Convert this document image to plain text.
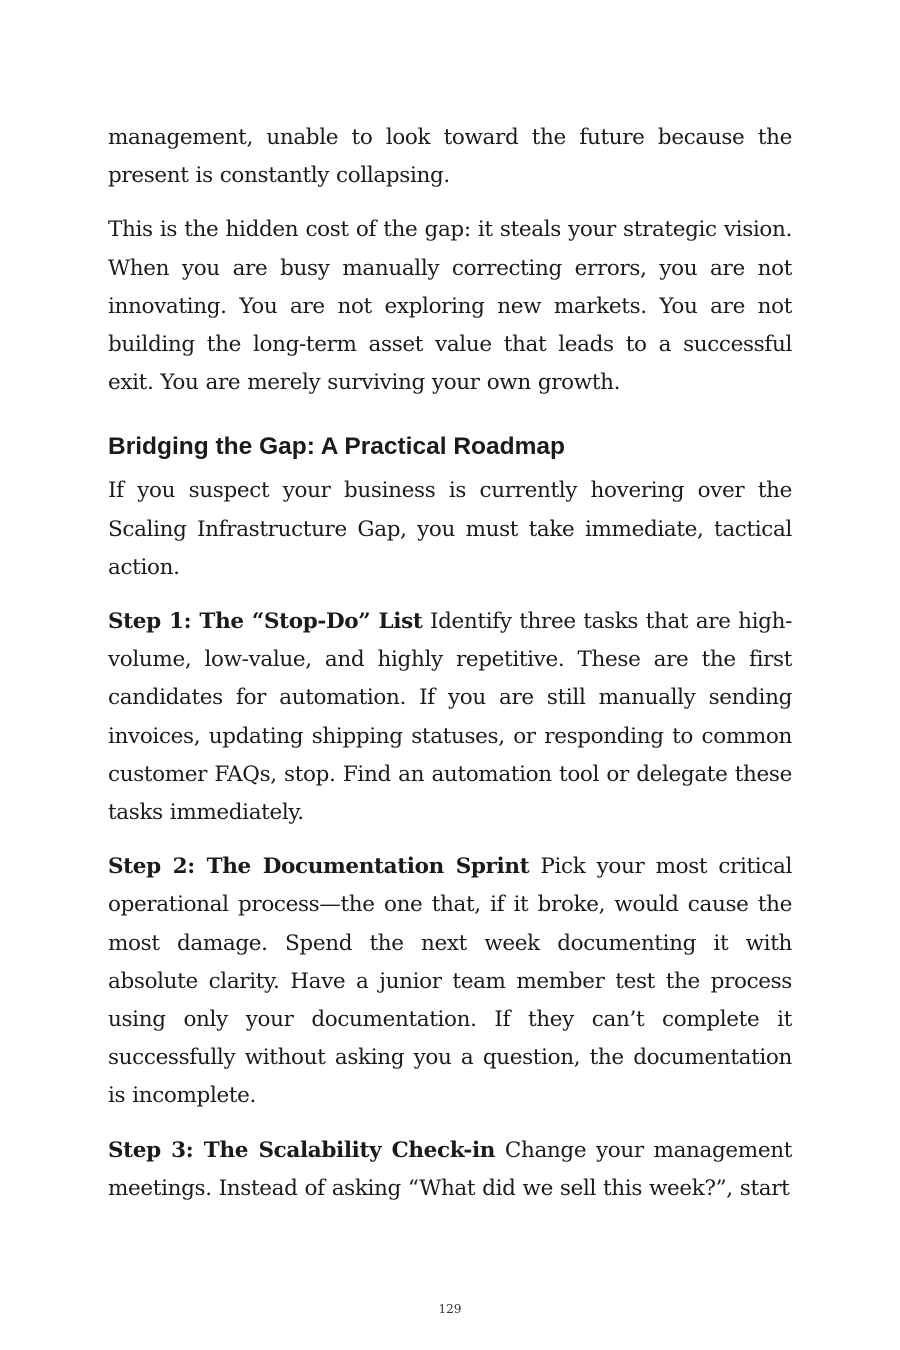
management, unable to look toward the future because the present is constantly collapsing.

This is the hidden cost of the gap: it steals your strategic vision. When you are busy manually correcting errors, you are not innovating. You are not exploring new markets. You are not building the long-term asset value that leads to a successful exit. You are merely surviving your own growth.

Bridging the Gap: A Practical Roadmap

If you suspect your business is currently hovering over the Scaling Infrastructure Gap, you must take immediate, tactical action.

Step 1: The “Stop-Do” List Identify three tasks that are high-volume, low-value, and highly repetitive. These are the first candidates for automation. If you are still manually sending invoices, updating shipping statuses, or responding to common customer FAQs, stop. Find an automation tool or delegate these tasks immediately.

Step 2: The Documentation Sprint Pick your most critical operational process—the one that, if it broke, would cause the most damage. Spend the next week documenting it with absolute clarity. Have a junior team member test the process using only your documentation. If they can’t complete it successfully without asking you a question, the documentation is incomplete.

Step 3: The Scalability Check-in Change your management meetings. Instead of asking “What did we sell this week?”, start

129
